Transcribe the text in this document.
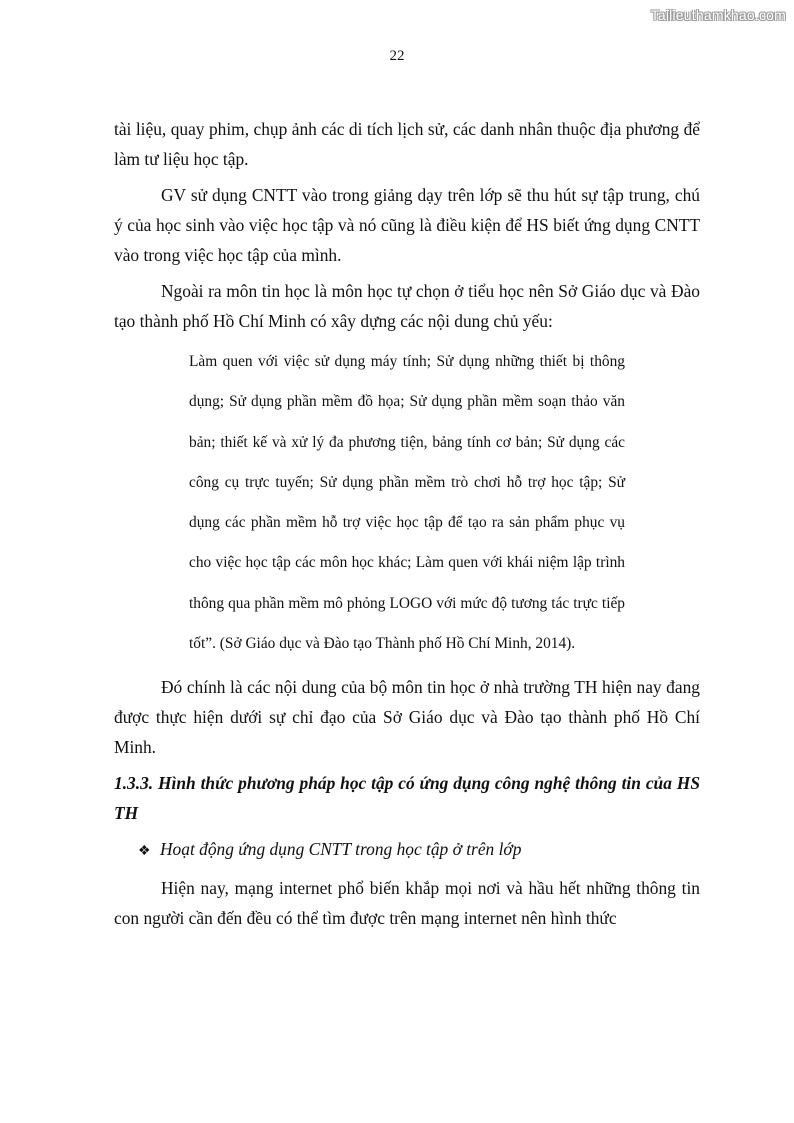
Tailieuthamkhao.com
22

tài liệu, quay phim, chụp ảnh các di tích lịch sử, các danh nhân thuộc địa phương để làm tư liệu học tập.

GV sử dụng CNTT vào trong giảng dạy trên lớp sẽ thu hút sự tập trung, chú ý của học sinh vào việc học tập và nó cũng là điều kiện để HS biết ứng dụng CNTT vào trong việc học tập của mình.

Ngoài ra môn tin học là môn học tự chọn ở tiểu học nên Sở Giáo dục và Đào tạo thành phố Hồ Chí Minh có xây dựng các nội dung chủ yếu:

Làm quen với việc sử dụng máy tính; Sử dụng những thiết bị thông dụng; Sử dụng phần mềm đồ họa; Sử dụng phần mềm soạn thảo văn bản; thiết kế và xử lý đa phương tiện, bảng tính cơ bản; Sử dụng các công cụ trực tuyến; Sử dụng phần mềm trò chơi hỗ trợ học tập; Sử dụng các phần mềm hỗ trợ việc học tập để tạo ra sản phẩm phục vụ cho việc học tập các môn học khác; Làm quen với khái niệm lập trình thông qua phần mềm mô phỏng LOGO với mức độ tương tác trực tiếp tốt”. (Sở Giáo dục và Đào tạo Thành phố Hồ Chí Minh, 2014).

Đó chính là các nội dung của bộ môn tin học ở nhà trường TH hiện nay đang được thực hiện dưới sự chỉ đạo của Sở Giáo dục và Đào tạo thành phố Hồ Chí Minh.

1.3.3. Hình thức phương pháp học tập có ứng dụng công nghệ thông tin của HS TH

❖ Hoạt động ứng dụng CNTT trong học tập ở trên lớp

Hiện nay, mạng internet phổ biến khắp mọi nơi và hầu hết những thông tin con người cần đến đều có thể tìm được trên mạng internet nên hình thức
